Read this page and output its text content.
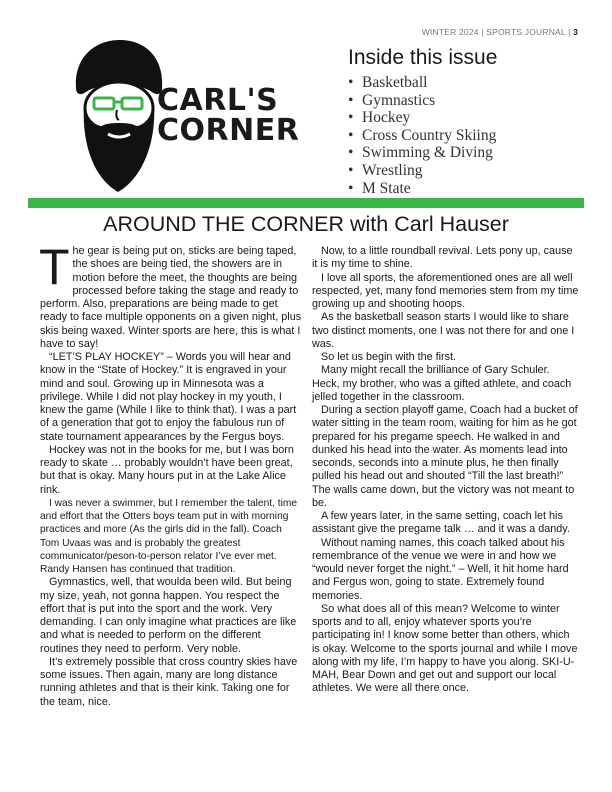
WINTER 2024 | SPORTS JOURNAL | 3
CARL'S
CORNER
Inside this issue
• Basketball
• Gymnastics
• Hockey
• Cross Country Skiing
• Swimming & Diving
• Wrestling
• M State
AROUND THE CORNER with Carl Hauser

The gear is being put on, sticks are being taped, the shoes are being tied, the showers are in motion before the meet, the thoughts are being processed before taking the stage and ready to perform. Also, preparations are being made to get ready to face multiple opponents on a given night, plus skis being waxed. Winter sports are here, this is what I have to say!

“LET’S PLAY HOCKEY” – Words you will hear and know in the “State of Hockey.” It is engraved in your mind and soul. Growing up in Minnesota was a privilege. While I did not play hockey in my youth, I knew the game (While I like to think that). I was a part of a generation that got to enjoy the fabulous run of state tournament appearances by the Fergus boys.

Hockey was not in the books for me, but I was born ready to skate … probably wouldn’t have been great, but that is okay. Many hours put in at the Lake Alice rink.

I was never a swimmer, but I remember the talent, time and effort that the Otters boys team put in with morning practices and more (As the girls did in the fall). Coach Tom Uvaas was and is probably the greatest communicator/peson-to-person relator I’ve ever met. Randy Hansen has continued that tradition.

Gymnastics, well, that woulda been wild. But being my size, yeah, not gonna happen. You respect the effort that is put into the sport and the work. Very demanding. I can only imagine what practices are like and what is needed to perform on the different routines they need to perform. Very noble.

It’s extremely possible that cross country skies have some issues. Then again, many are long distance running athletes and that is their kink. Taking one for the team, nice.

Now, to a little roundball revival. Lets pony up, cause it is my time to shine.

I love all sports, the aforementioned ones are all well respected, yet, many fond memories stem from my time growing up and shooting hoops.

As the basketball season starts I would like to share two distinct moments, one I was not there for and one I was.

So let us begin with the first.

Many might recall the brilliance of Gary Schuler. Heck, my brother, who was a gifted athlete, and coach jelled together in the classroom.

During a section playoff game, Coach had a bucket of water sitting in the team room, waiting for him as he got prepared for his pregame speech. He walked in and dunked his head into the water. As moments lead into seconds, seconds into a minute plus, he then finally pulled his head out and shouted “Till the last breath!” The walls came down, but the victory was not meant to be.

A few years later, in the same setting, coach let his assistant give the pregame talk … and it was a dandy.

Without naming names, this coach talked about his remembrance of the venue we were in and how we “would never forget the night.” – Well, it hit home hard and Fergus won, going to state. Extremely found memories.

So what does all of this mean? Welcome to winter sports and to all, enjoy whatever sports you’re participating in! I know some better than others, which is okay. Welcome to the sports journal and while I move along with my life, I’m happy to have you along. SKI-U-MAH, Bear Down and get out and support our local athletes. We were all there once.
